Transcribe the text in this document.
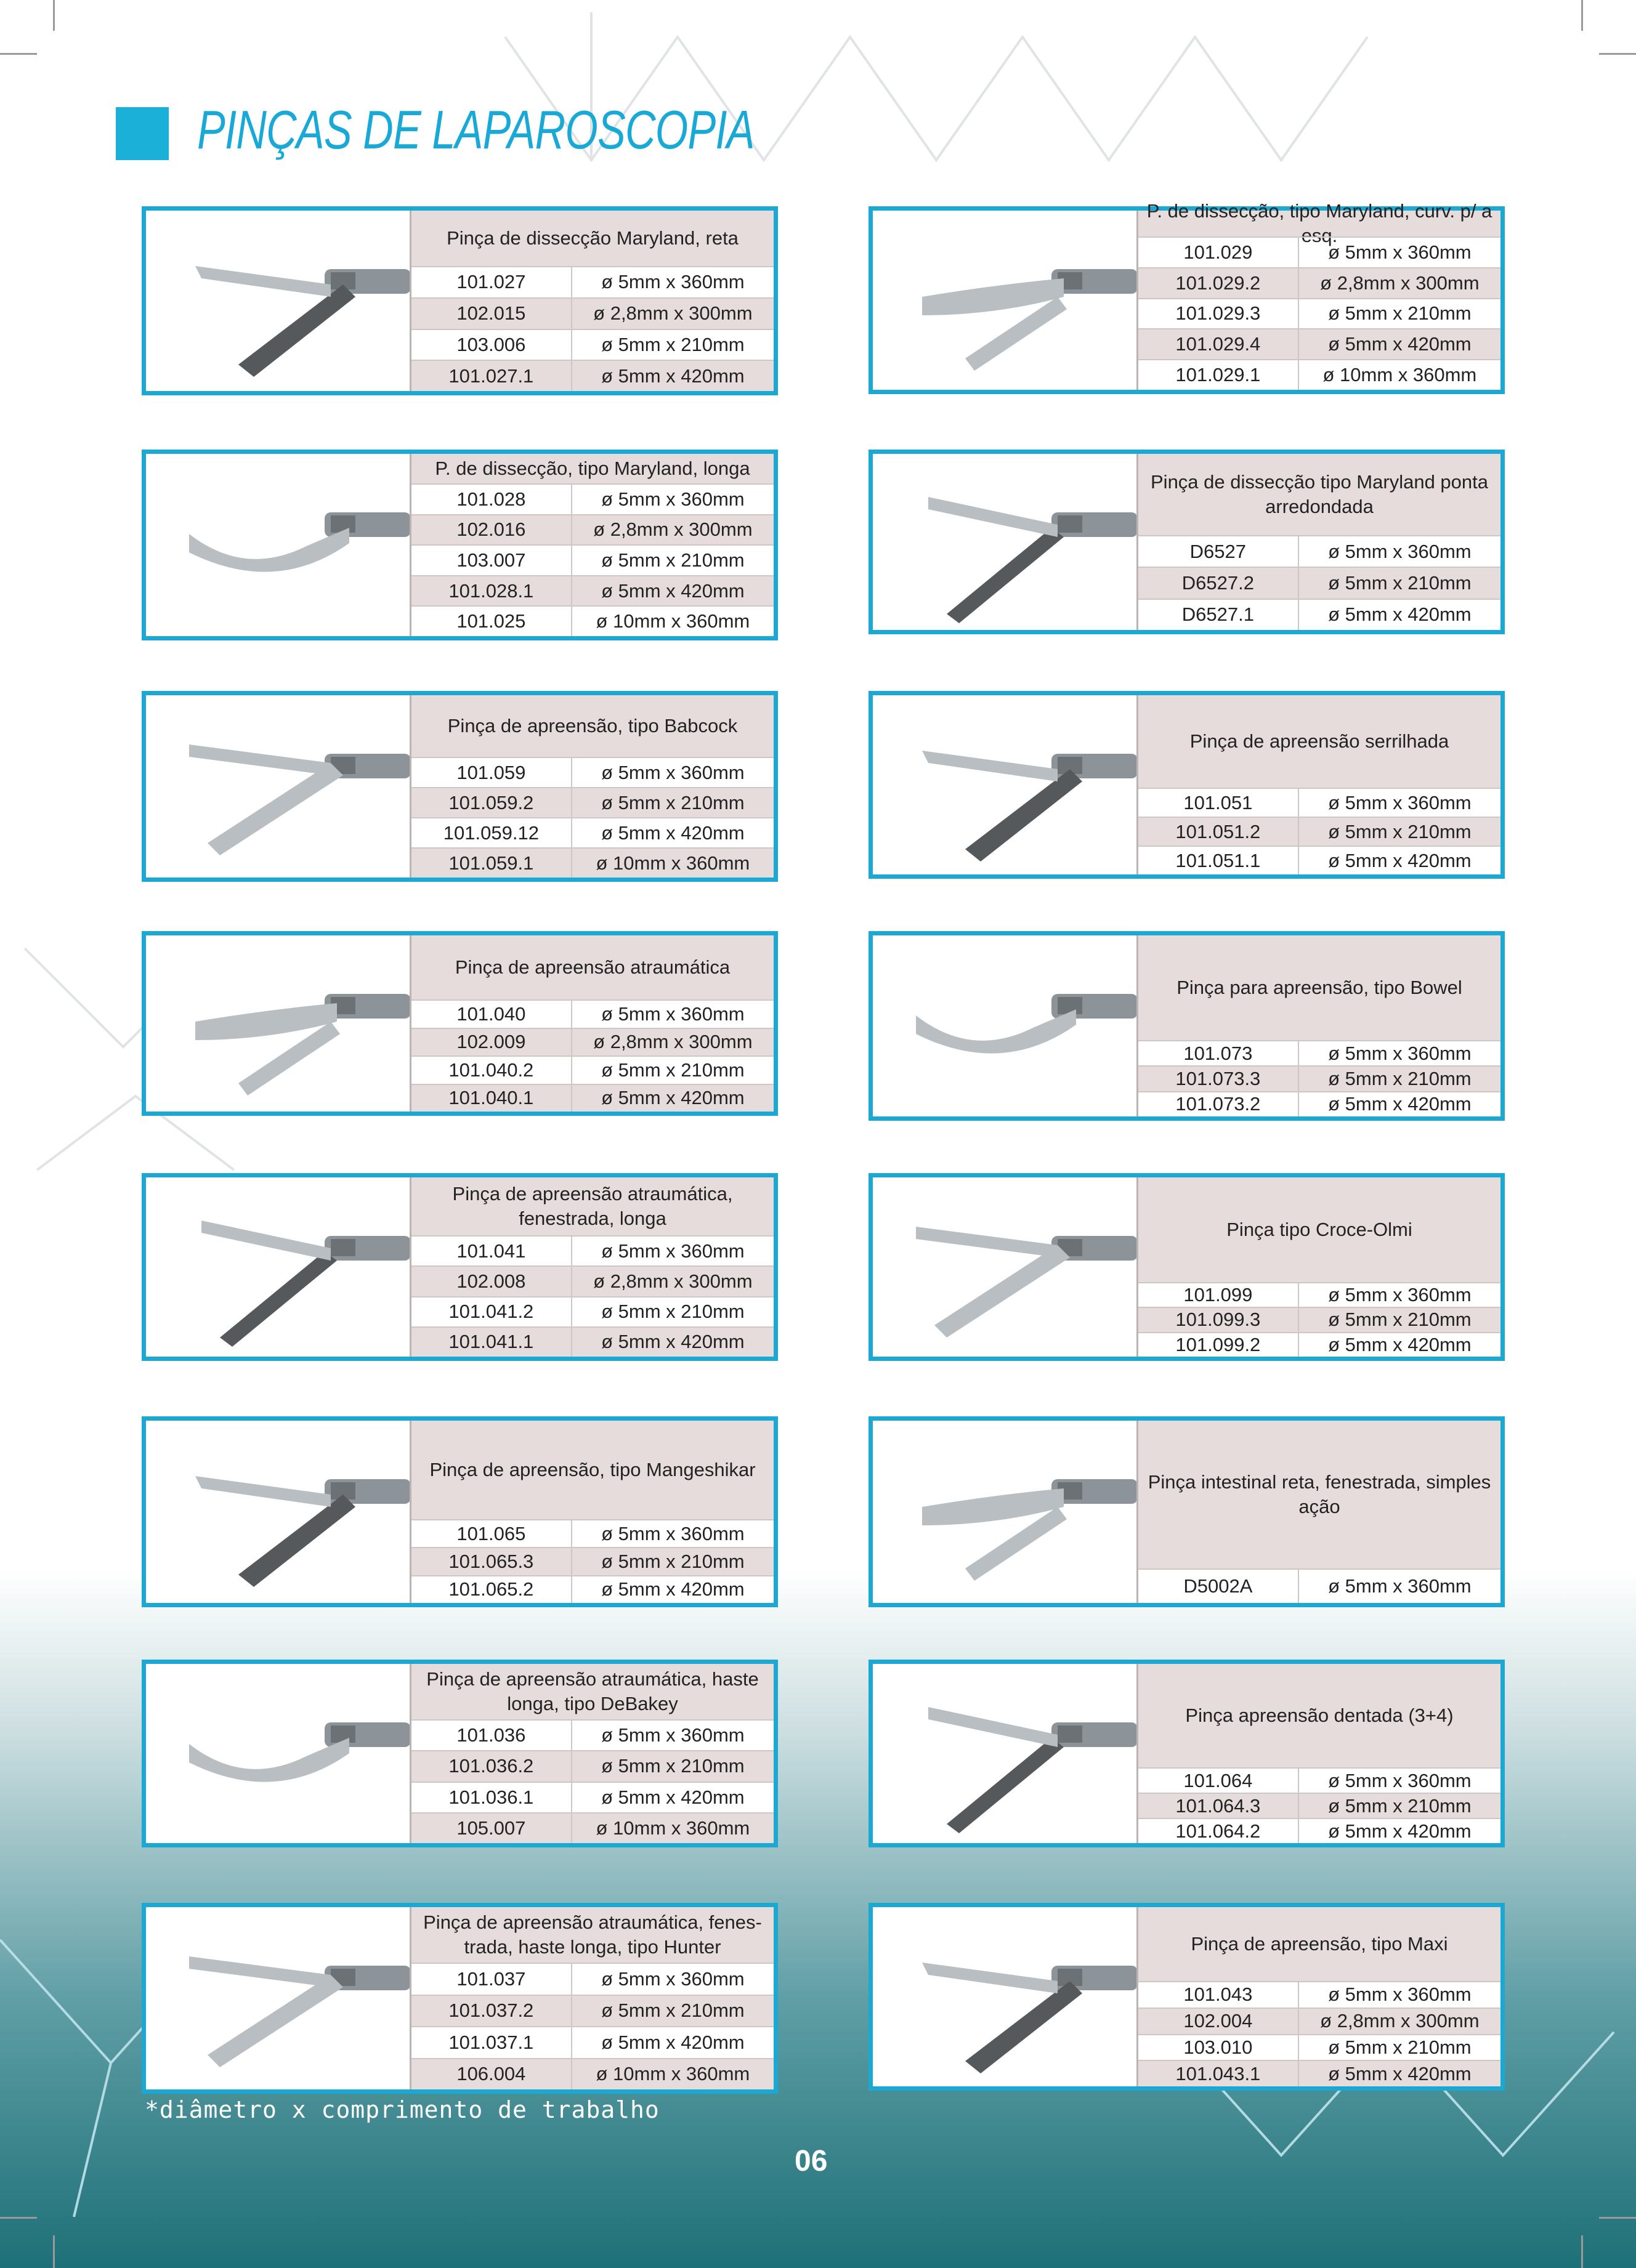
PINÇAS DE LAPAROSCOPIA
Pinça de dissecção Maryland, reta
101.027	ø 5mm x 360mm
102.015	ø 2,8mm x 300mm
103.006	ø 5mm x 210mm
101.027.1	ø 5mm x 420mm
P. de dissecção, tipo Maryland, longa
101.028	ø 5mm x 360mm
102.016	ø 2,8mm x 300mm
103.007	ø 5mm x 210mm
101.028.1	ø 5mm x 420mm
101.025	ø 10mm x 360mm
Pinça de apreensão, tipo Babcock
101.059	ø 5mm x 360mm
101.059.2	ø 5mm x 210mm
101.059.12	ø 5mm x 420mm
101.059.1	ø 10mm x 360mm
Pinça de apreensão atraumática
101.040	ø 5mm x 360mm
102.009	ø 2,8mm x 300mm
101.040.2	ø 5mm x 210mm
101.040.1	ø 5mm x 420mm
Pinça de apreensão atraumática, fenestrada, longa
101.041	ø 5mm x 360mm
102.008	ø 2,8mm x 300mm
101.041.2	ø 5mm x 210mm
101.041.1	ø 5mm x 420mm
Pinça de apreensão, tipo Mangeshikar
101.065	ø 5mm x 360mm
101.065.3	ø 5mm x 210mm
101.065.2	ø 5mm x 420mm
Pinça de apreensão atraumática, haste longa, tipo DeBakey
101.036	ø 5mm x 360mm
101.036.2	ø 5mm x 210mm
101.036.1	ø 5mm x 420mm
105.007	ø 10mm x 360mm
Pinça de apreensão atraumática, fenes-trada, haste longa, tipo Hunter
101.037	ø 5mm x 360mm
101.037.2	ø 5mm x 210mm
101.037.1	ø 5mm x 420mm
106.004	ø 10mm x 360mm
P. de dissecção, tipo Maryland, curv. p/ a esq.
101.029	ø 5mm x 360mm
101.029.2	ø 2,8mm x 300mm
101.029.3	ø 5mm x 210mm
101.029.4	ø 5mm x 420mm
101.029.1	ø 10mm x 360mm
Pinça de dissecção tipo Maryland ponta arredondada
D6527	ø 5mm x 360mm
D6527.2	ø 5mm x 210mm
D6527.1	ø 5mm x 420mm
Pinça de apreensão serrilhada
101.051	ø 5mm x 360mm
101.051.2	ø 5mm x 210mm
101.051.1	ø 5mm x 420mm
Pinça para apreensão, tipo Bowel
101.073	ø 5mm x 360mm
101.073.3	ø 5mm x 210mm
101.073.2	ø 5mm x 420mm
Pinça tipo Croce-Olmi
101.099	ø 5mm x 360mm
101.099.3	ø 5mm x 210mm
101.099.2	ø 5mm x 420mm
Pinça intestinal reta, fenestrada, simples ação
D5002A	ø 5mm x 360mm
Pinça apreensão dentada (3+4)
101.064	ø 5mm x 360mm
101.064.3	ø 5mm x 210mm
101.064.2	ø 5mm x 420mm
Pinça de apreensão, tipo Maxi
101.043	ø 5mm x 360mm
102.004	ø 2,8mm x 300mm
103.010	ø 5mm x 210mm
101.043.1	ø 5mm x 420mm
*diâmetro x comprimento de trabalho
06
